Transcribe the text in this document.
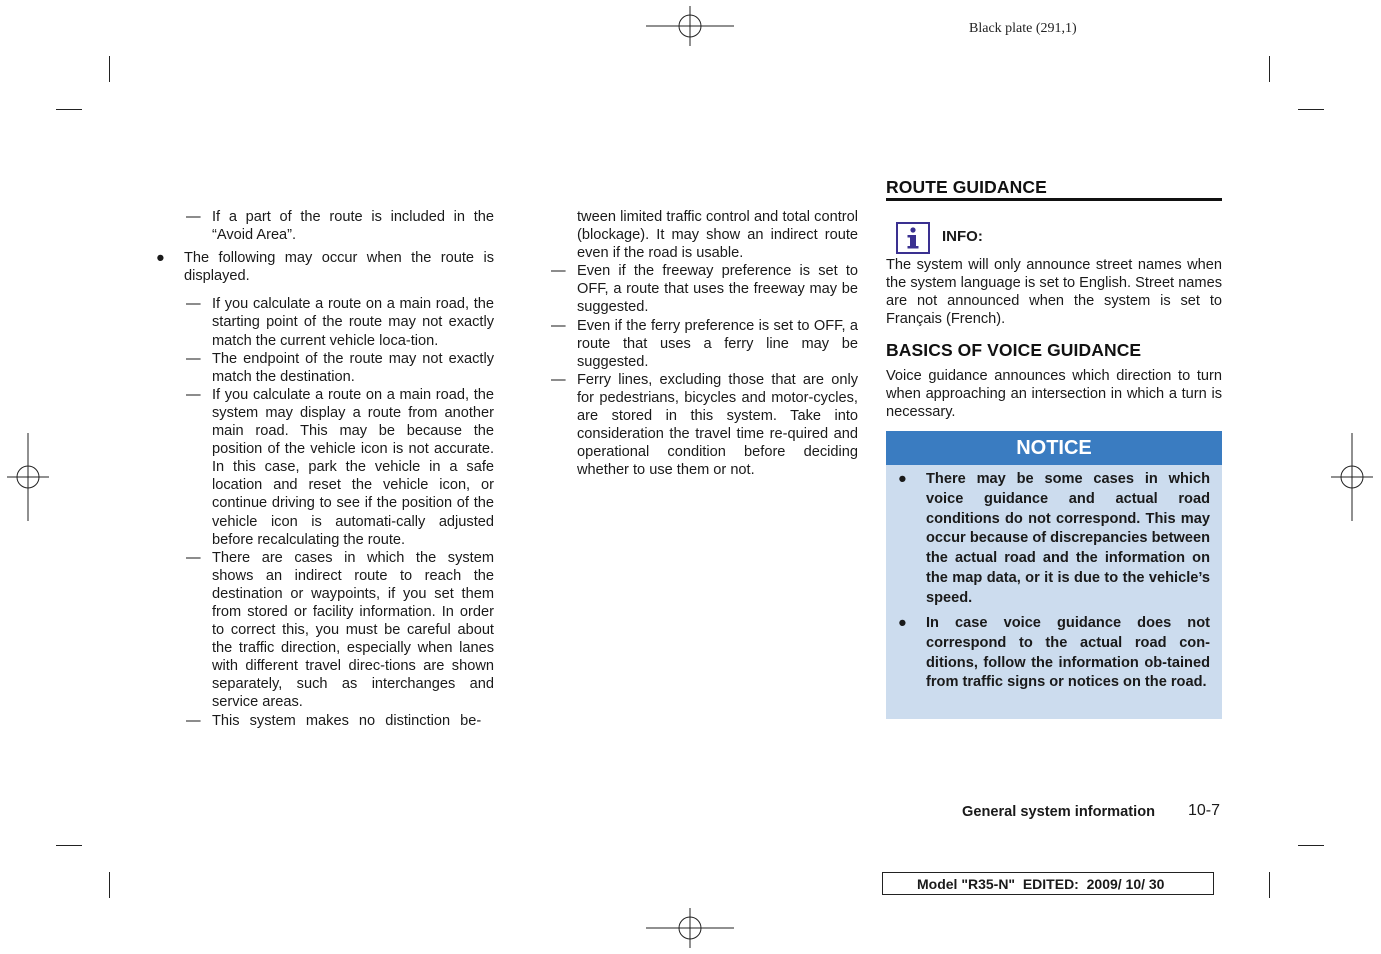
Black plate (291,1)

— If a part of the route is included in the “Avoid Area”.

● The following may occur when the route is displayed.

— If you calculate a route on a main road, the starting point of the route may not exactly match the current vehicle loca-tion.

— The endpoint of the route may not exactly match the destination.

— If you calculate a route on a main road, the system may display a route from another main road. This may be because the position of the vehicle icon is not accurate. In this case, park the vehicle in a safe location and reset the vehicle icon, or continue driving to see if the position of the vehicle icon is automati-cally adjusted before recalculating the route.

— There are cases in which the system shows an indirect route to reach the destination or waypoints, if you set them from stored or facility information. In order to correct this, you must be careful about the traffic direction, especially when lanes with different travel direc-tions are shown separately, such as interchanges and service areas.

— This system makes no distinction be-

tween limited traffic control and total control (blockage). It may show an indirect route even if the road is usable.

— Even if the freeway preference is set to OFF, a route that uses the freeway may be suggested.

— Even if the ferry preference is set to OFF, a route that uses a ferry line may be suggested.

— Ferry lines, excluding those that are only for pedestrians, bicycles and motor-cycles, are stored in this system. Take into consideration the travel time re-quired and operational condition before deciding whether to use them or not.

ROUTE GUIDANCE
INFO:

The system will only announce street names when the system language is set to English. Street names are not announced when the system is set to Français (French).

BASICS OF VOICE GUIDANCE

Voice guidance announces which direction to turn when approaching an intersection in which a turn is necessary.

NOTICE
● There may be some cases in which voice guidance and actual road conditions do not correspond. This may occur because of discrepancies between the actual road and the information on the map data, or it is due to the vehicle’s speed.
● In case voice guidance does not correspond to the actual road con-ditions, follow the information ob-tained from traffic signs or notices on the road.
General system information 10-7
Model "R35-N"  EDITED:  2009/ 10/ 30
